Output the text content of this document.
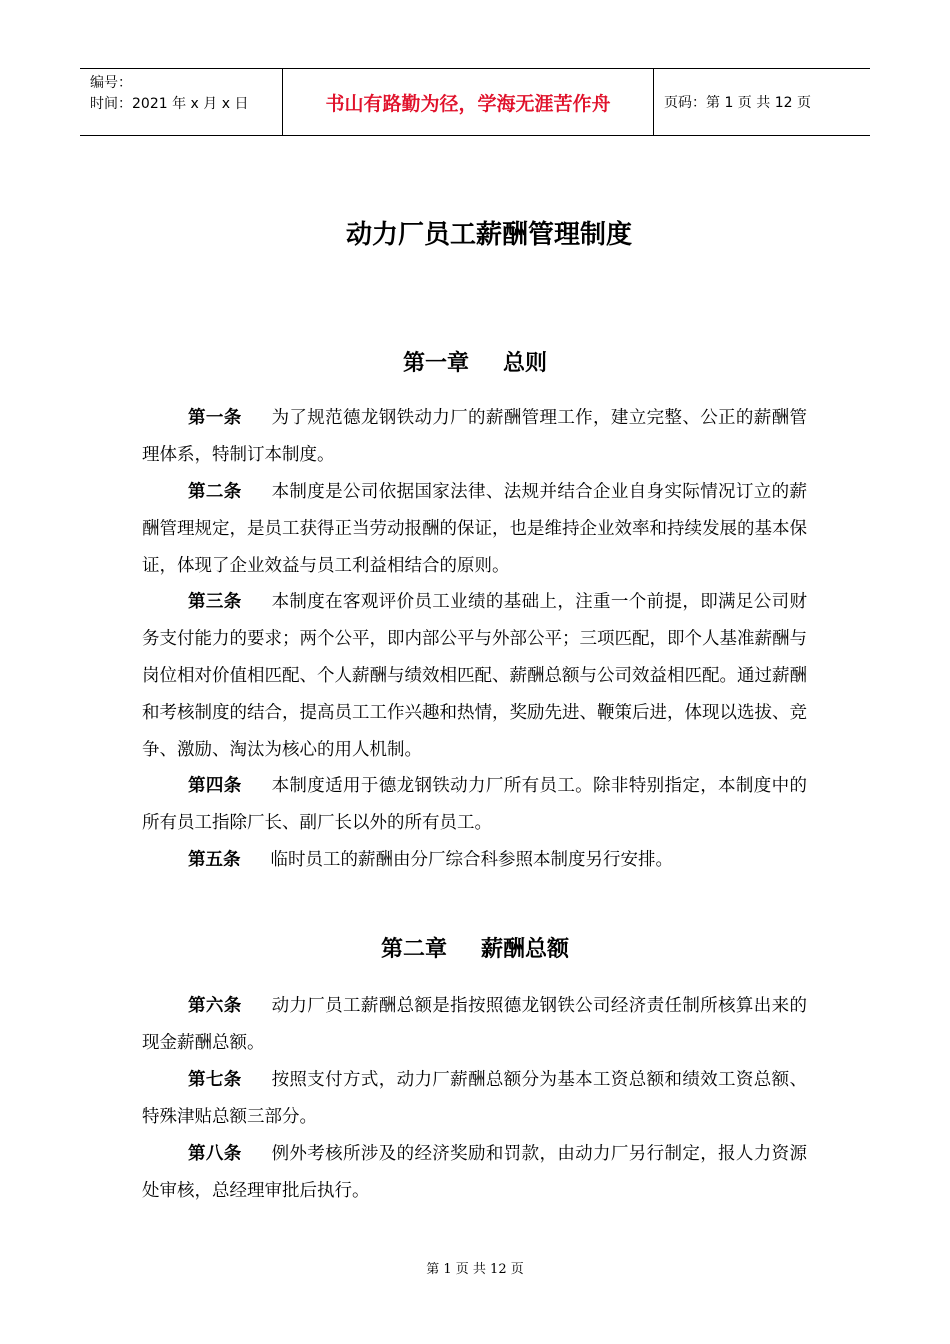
编号：
时间：2021 年 x 月 x 日	书山有路勤为径，学海无涯苦作舟	页码：第 1 页 共 12 页
动力厂员工薪酬管理制度
第一章 总则

第一条 为了规范德龙钢铁动力厂的薪酬管理工作，建立完整、公正的薪酬管理体系，特制订本制度。

第二条 本制度是公司依据国家法律、法规并结合企业自身实际情况订立的薪酬管理规定，是员工获得正当劳动报酬的保证，也是维持企业效率和持续发展的基本保证，体现了企业效益与员工利益相结合的原则。

第三条 本制度在客观评价员工业绩的基础上，注重一个前提，即满足公司财务支付能力的要求；两个公平，即内部公平与外部公平；三项匹配，即个人基准薪酬与岗位相对价值相匹配、个人薪酬与绩效相匹配、薪酬总额与公司效益相匹配。通过薪酬和考核制度的结合，提高员工工作兴趣和热情，奖励先进、鞭策后进，体现以选拔、竞争、激励、淘汰为核心的用人机制。

第四条 本制度适用于德龙钢铁动力厂所有员工。除非特别指定，本制度中的所有员工指除厂长、副厂长以外的所有员工。

第五条 临时员工的薪酬由分厂综合科参照本制度另行安排。

第二章 薪酬总额

第六条 动力厂员工薪酬总额是指按照德龙钢铁公司经济责任制所核算出来的现金薪酬总额。

第七条 按照支付方式，动力厂薪酬总额分为基本工资总额和绩效工资总额、特殊津贴总额三部分。

第八条 例外考核所涉及的经济奖励和罚款，由动力厂另行制定，报人力资源处审核，总经理审批后执行。

第 1 页 共 12 页
